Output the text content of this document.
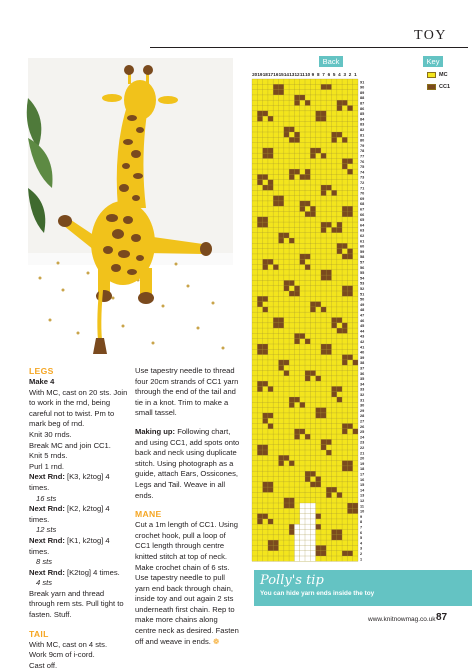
TOY
LEGS
Make 4

With MC, cast on 20 sts. Join to work in the rnd, being careful not to twist. Pm to mark beg of rnd.

Knit 30 rnds.

Break MC and join CC1.

Knit 5 rnds.

Purl 1 rnd.

Next Rnd: [K3, k2tog] 4 times.
16 sts

Next Rnd: [K2, k2tog] 4 times.
12 sts

Next Rnd: [K1, k2tog] 4 times.
8 sts

Next Rnd: [K2tog] 4 times.
4 sts

Break yarn and thread through rem sts. Pull tight to fasten. Stuff.

TAIL

With MC, cast on 4 sts.

Work 9cm of i-cord.

Cast off.

Use tapestry needle to thread four 20cm strands of CC1 yarn through the end of the tail and tie in a knot. Trim to make a small tassel.

Making up: Following chart, and using CC1, add spots onto back and neck using duplicate stitch. Using photograph as a guide, attach Ears, Ossicones, Legs and Tail. Weave in all ends.

MANE

Cut a 1m length of CC1. Using crochet hook, pull a loop of CC1 length through centre knitted stitch at top of neck. Make crochet chain of 6 sts. Use tapestry needle to pull yarn end back through chain, inside toy and out again 2 sts underneath first chain. Rep to make more chains along centre neck as desired. Fasten off and weave in ends. ❁

Back	Key
MC
CC1
20 19 18 17 16 15 14 13 12 11 10 9 8 7 6 5 4 3 2 1
91
90
89
88
87
86
85
84
83
82
81
80
79
78
77
76
75
74
73
72
71
70
69
68
67
66
65
64
63
62
61
60
59
58
57
56
55
54
53
52
51
50
49
48
47
46
45
44
43
42
41
40
39
38
37
36
35
34
33
32
31
30
29
28
27
26
25
24
23
22
21
20
19
18
17
16
15
14
13
12
11
10
9
8
7
6
5
4
3
2
1
Polly's tip
You can hide yarn ends inside the toy
www.knitnowmag.co.uk 87
